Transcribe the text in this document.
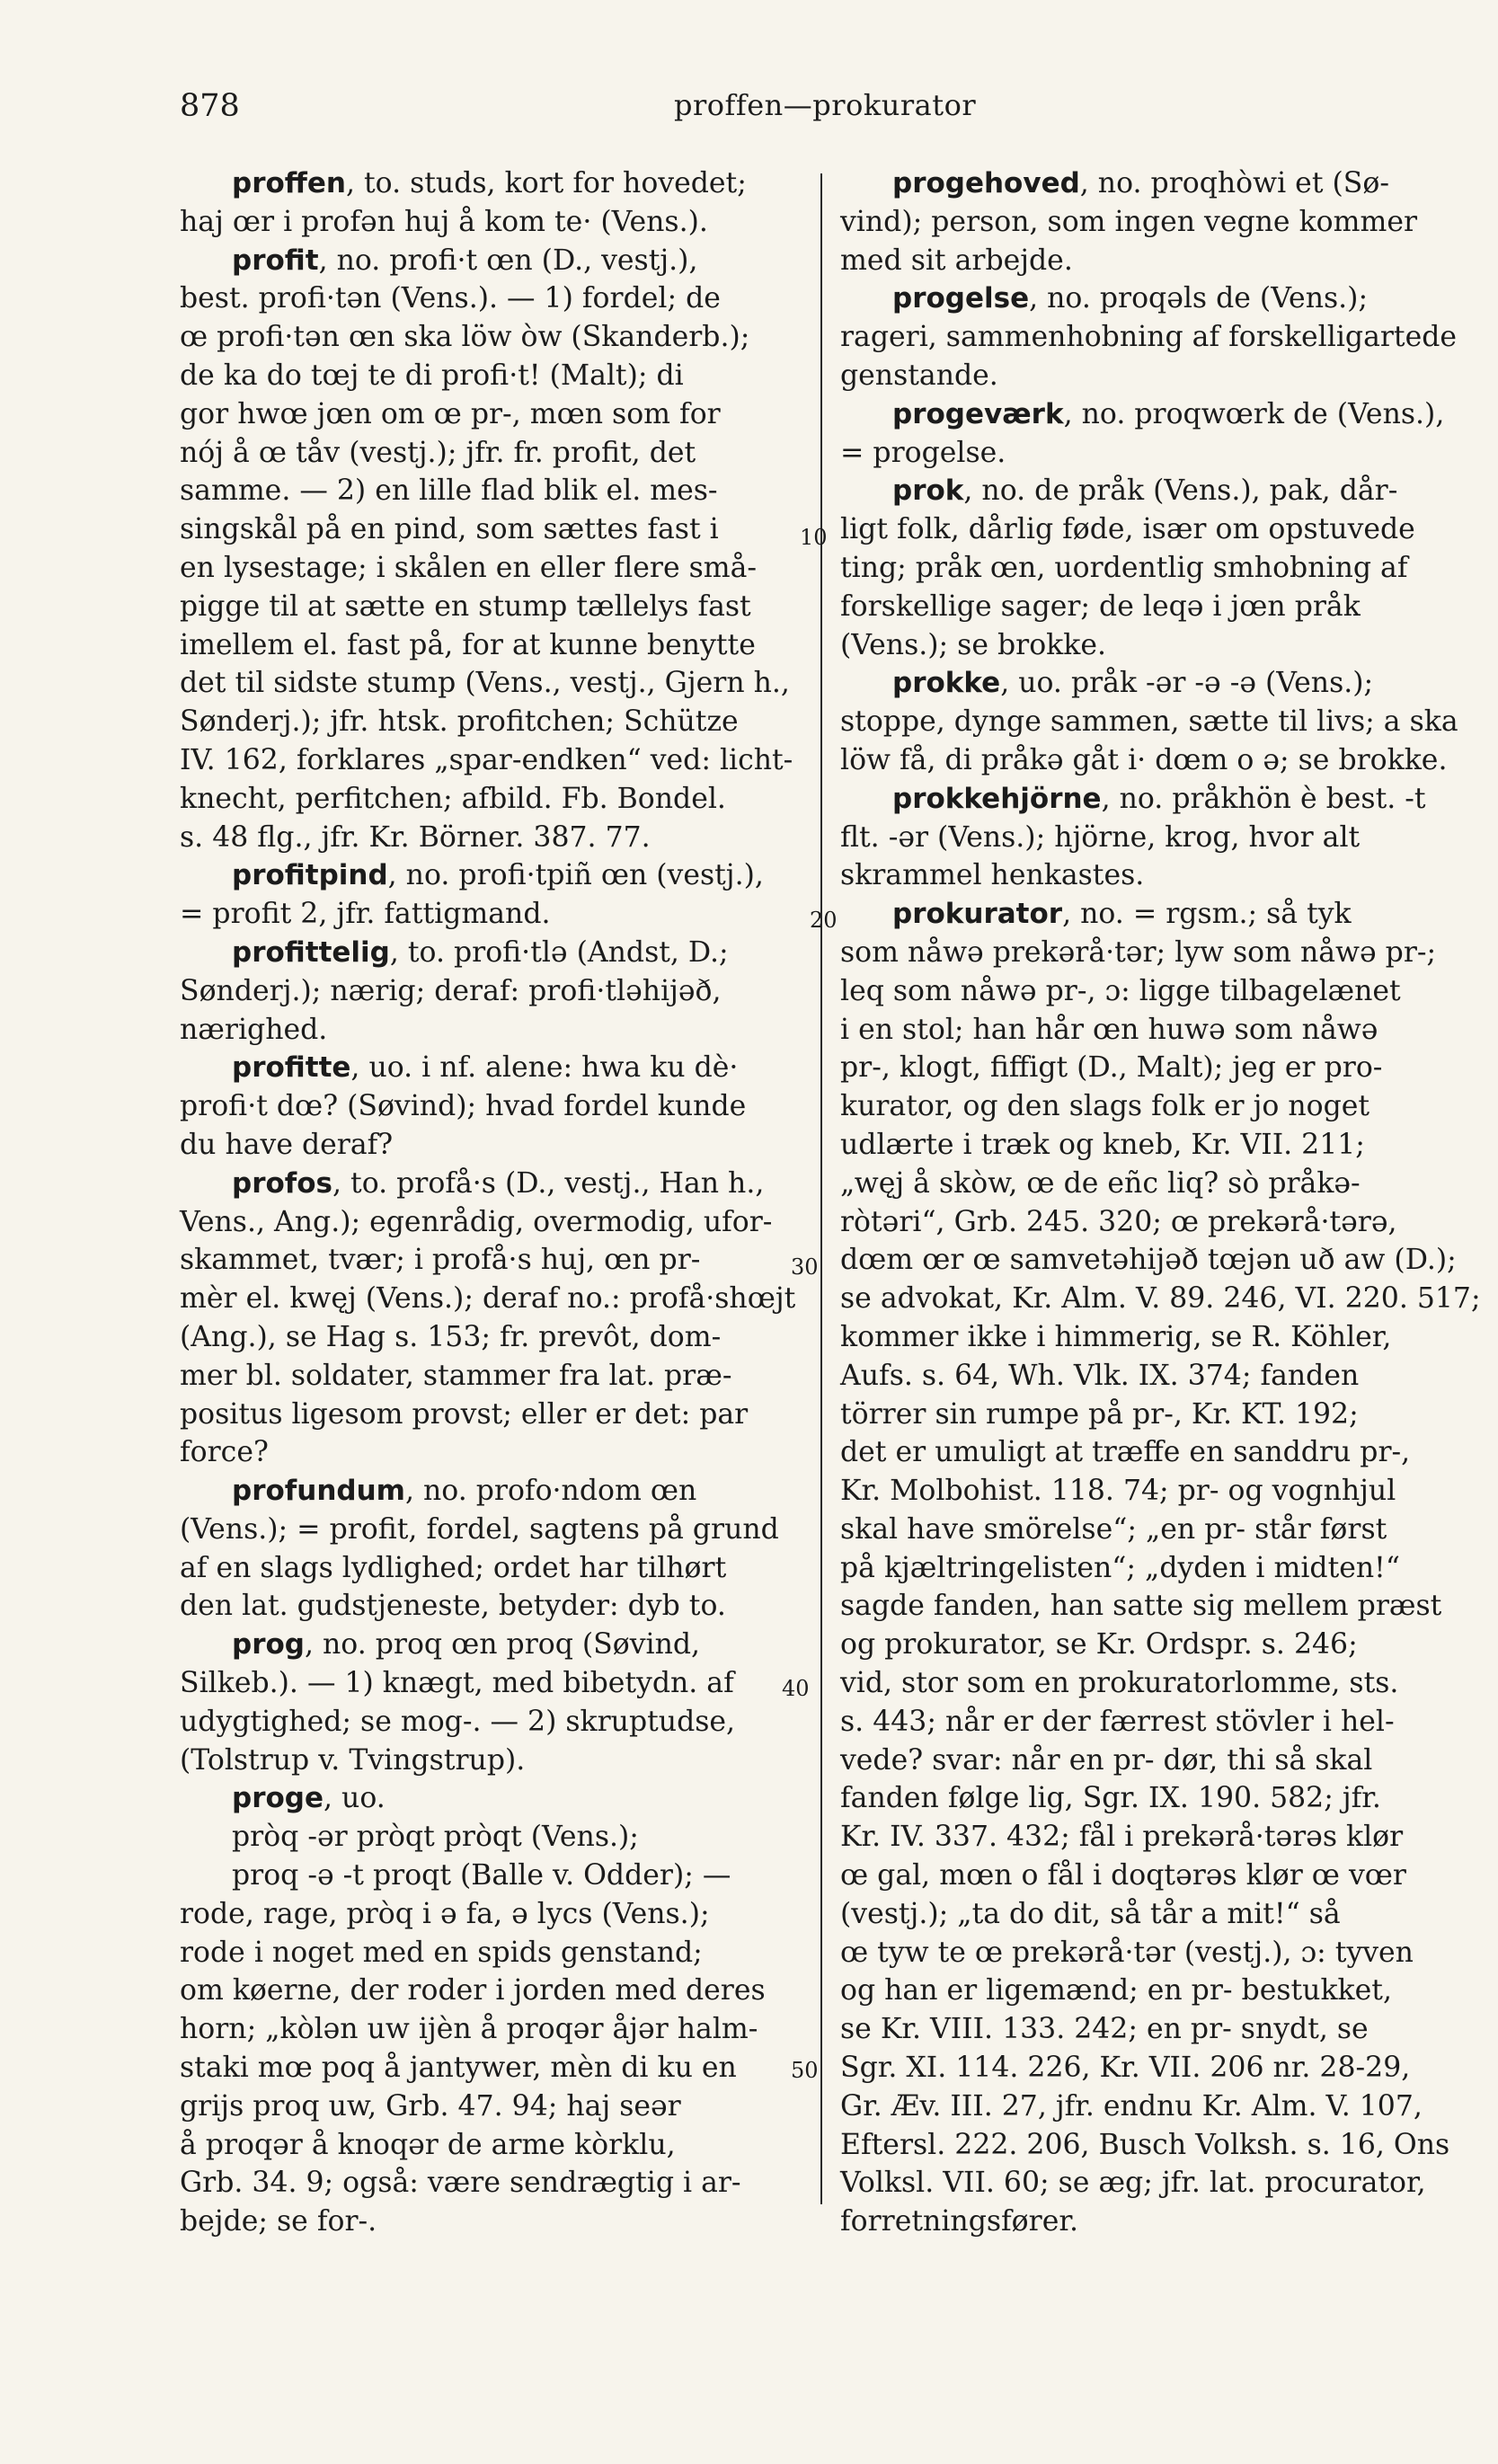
878	proffen—prokurator
proffen, to. studs, kort for hovedet;
haj œr i profən huj å kom te· (Vens.).
profit, no. profi·t œn (D., vestj.),
best. profi·tən (Vens.). — 1) fordel; de
œ profi·tən œn ska löw òw (Skanderb.);
de ka do tœj te di profi·t! (Malt); di
gor hwœ jœn om œ pr-, mœn som for
nój å œ tåv (vestj.); jfr. fr. profit, det
samme. — 2) en lille flad blik el. mes-
singskål på en pind, som sættes fast i
en lysestage; i skålen en eller flere små-
pigge til at sætte en stump tællelys fast
imellem el. fast på, for at kunne benytte
det til sidste stump (Vens., vestj., Gjern h.,
Sønderj.); jfr. htsk. profitchen; Schütze
IV. 162, forklares „spar-endken“ ved: licht-
knecht, perfitchen; afbild. Fb. Bondel.
s. 48 flg., jfr. Kr. Börner. 387. 77.
profitpind, no. profi·tpiñ œn (vestj.),
= profit 2, jfr. fattigmand.
profittelig, to. profi·tlə (Andst, D.;
Sønderj.); nærig; deraf: profi·tləhijəð,
nærighed.
profitte, uo. i nf. alene: hwa ku dè·
profi·t dœ? (Søvind); hvad fordel kunde
du have deraf?
profos, to. profå·s (D., vestj., Han h.,
Vens., Ang.); egenrådig, overmodig, ufor-
skammet, tvær; i profå·s huj, œn pr-
mèr el. kwęj (Vens.); deraf no.: profå·shœjt
(Ang.), se Hag s. 153; fr. prevôt, dom-
mer bl. soldater, stammer fra lat. præ-
positus ligesom provst; eller er det: par
force?
profundum, no. profo·ndom œn
(Vens.); = profit, fordel, sagtens på grund
af en slags lydlighed; ordet har tilhørt
den lat. gudstjeneste, betyder: dyb to.
prog, no. proq œn proq (Søvind,
Silkeb.). — 1) knægt, med bibetydn. af
udygtighed; se mog-. — 2) skruptudse,
(Tolstrup v. Tvingstrup).
proge, uo.
pròq -ər pròqt pròqt (Vens.);
proq -ə -t proqt (Balle v. Odder); —
rode, rage, pròq i ə fa, ə lycs (Vens.);
rode i noget med en spids genstand;
om køerne, der roder i jorden med deres
horn; „kòlən uw ijèn å proqər åjər halm-
staki mœ poq å jantywer, mèn di ku en
grijs proq uw, Grb. 47. 94; haj seər
å proqər å knoqər de arme kòrklu,
Grb. 34. 9; også: være sendrægtig i ar-
bejde; se for-.
progehoved, no. proqhòwi et (Sø-
vind); person, som ingen vegne kommer
med sit arbejde.
progelse, no. proqəls de (Vens.);
rageri, sammenhobning af forskelligartede
genstande.
progeværk, no. proqwœrk de (Vens.),
= progelse.
prok, no. de pråk (Vens.), pak, dår-
ligt folk, dårlig føde, især om opstuvede
ting; pråk œn, uordentlig smhobning af
forskellige sager; de leqə i jœn pråk
(Vens.); se brokke.
prokke, uo. pråk -ər -ə -ə (Vens.);
stoppe, dynge sammen, sætte til livs; a ska
löw få, di pråkə gåt i· dœm o ə; se brokke.
prokkehjörne, no. pråkhön è best. -t
flt. -ər (Vens.); hjörne, krog, hvor alt
skrammel henkastes.
prokurator, no. = rgsm.; så tyk
som nåwə prekərå·tər; lyw som nåwə pr-;
leq som nåwə pr-, ɔ: ligge tilbagelænet
i en stol; han hår œn huwə som nåwə
pr-, klogt, fiffigt (D., Malt); jeg er pro-
kurator, og den slags folk er jo noget
udlærte i træk og kneb, Kr. VII. 211;
„węj å skòw, œ de eñc liq? sò pråkə-
ròtəri“, Grb. 245. 320; œ prekərå·tərə,
dœm œr œ samvetəhijəð tœjən uð aw (D.);
se advokat, Kr. Alm. V. 89. 246, VI. 220. 517;
kommer ikke i himmerig, se R. Köhler,
Aufs. s. 64, Wh. Vlk. IX. 374; fanden
törrer sin rumpe på pr-, Kr. KT. 192;
det er umuligt at træffe en sanddru pr-,
Kr. Molbohist. 118. 74; pr- og vognhjul
skal have smörelse“; „en pr- står først
på kjæltringelisten“; „dyden i midten!“
sagde fanden, han satte sig mellem præst
og prokurator, se Kr. Ordspr. s. 246;
vid, stor som en prokuratorlomme, sts.
s. 443; når er der færrest stövler i hel-
vede? svar: når en pr- dør, thi så skal
fanden følge lig, Sgr. IX. 190. 582; jfr.
Kr. IV. 337. 432; fål i prekərå·tərəs klør
œ gal, mœn o fål i doqtərəs klør œ vœr
(vestj.); „ta do dit, så tår a mit!“ så
œ tyw te œ prekərå·tər (vestj.), ɔ: tyven
og han er ligemænd; en pr- bestukket,
se Kr. VIII. 133. 242; en pr- snydt, se
Sgr. XI. 114. 226, Kr. VII. 206 nr. 28-29,
Gr. Æv. III. 27, jfr. endnu Kr. Alm. V. 107,
Eftersl. 222. 206, Busch Volksh. s. 16, Ons
Volksl. VII. 60; se æg; jfr. lat. procurator,
forretningsfører.
10
20
30
40
50
